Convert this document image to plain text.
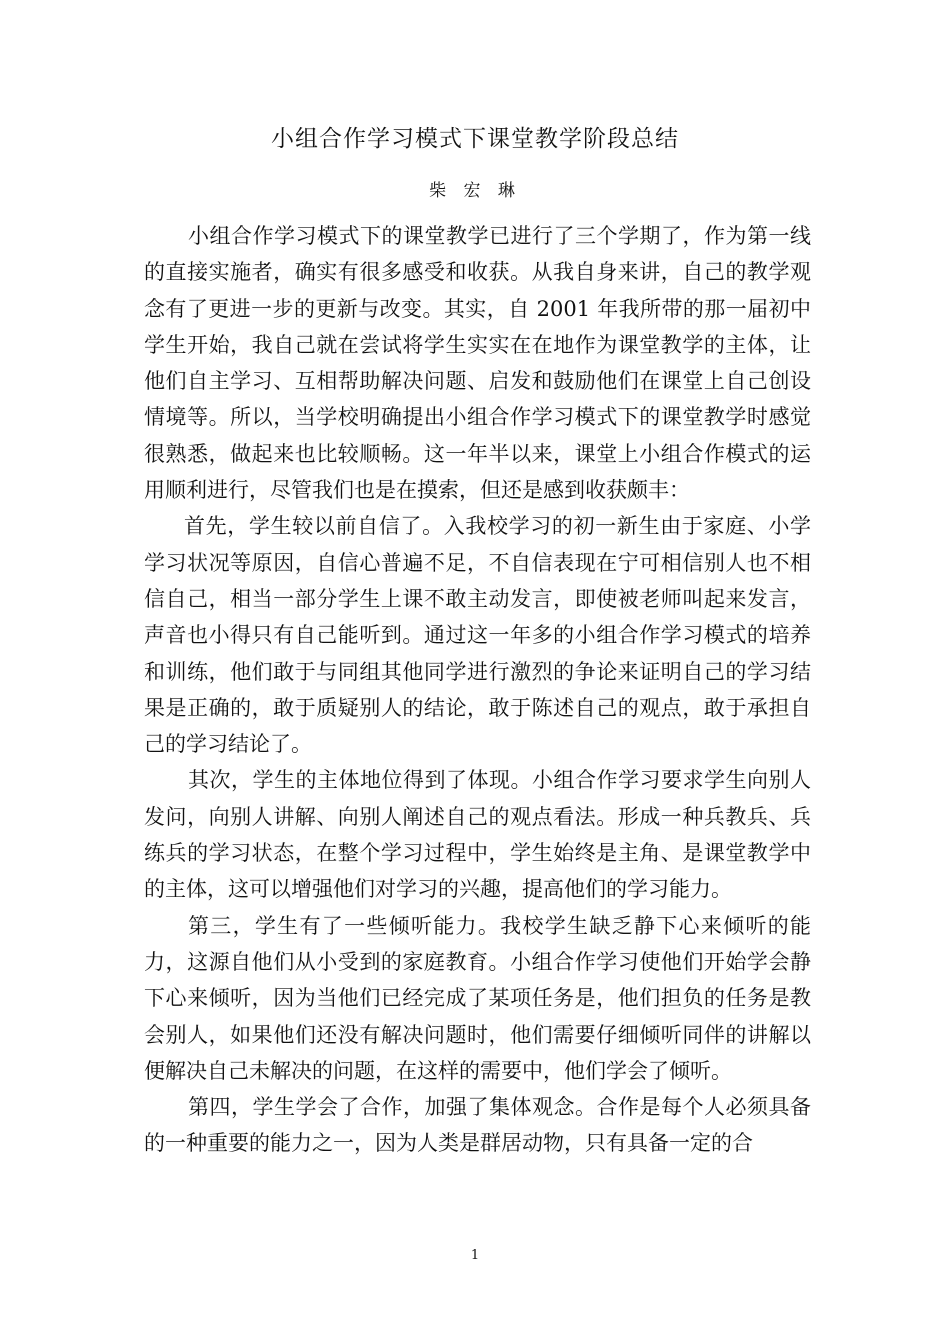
小组合作学习模式下课堂教学阶段总结
柴 宏 琳

小组合作学习模式下的课堂教学已进行了三个学期了，作为第一线的直接实施者，确实有很多感受和收获。从我自身来讲，自己的教学观念有了更进一步的更新与改变。其实，自 2001 年我所带的那一届初中学生开始，我自己就在尝试将学生实实在在地作为课堂教学的主体，让他们自主学习、互相帮助解决问题、启发和鼓励他们在课堂上自己创设情境等。所以，当学校明确提出小组合作学习模式下的课堂教学时感觉很熟悉，做起来也比较顺畅。这一年半以来，课堂上小组合作模式的运用顺利进行，尽管我们也是在摸索，但还是感到收获颇丰：

首先，学生较以前自信了。入我校学习的初一新生由于家庭、小学学习状况等原因，自信心普遍不足，不自信表现在宁可相信别人也不相信自己，相当一部分学生上课不敢主动发言，即使被老师叫起来发言，声音也小得只有自己能听到。通过这一年多的小组合作学习模式的培养和训练，他们敢于与同组其他同学进行激烈的争论来证明自己的学习结果是正确的，敢于质疑别人的结论，敢于陈述自己的观点，敢于承担自己的学习结论了。

其次，学生的主体地位得到了体现。小组合作学习要求学生向别人发问，向别人讲解、向别人阐述自己的观点看法。形成一种兵教兵、兵练兵的学习状态，在整个学习过程中，学生始终是主角、是课堂教学中的主体，这可以增强他们对学习的兴趣，提高他们的学习能力。

第三，学生有了一些倾听能力。我校学生缺乏静下心来倾听的能力，这源自他们从小受到的家庭教育。小组合作学习使他们开始学会静下心来倾听，因为当他们已经完成了某项任务是，他们担负的任务是教会别人，如果他们还没有解决问题时，他们需要仔细倾听同伴的讲解以便解决自己未解决的问题，在这样的需要中，他们学会了倾听。

第四，学生学会了合作，加强了集体观念。合作是每个人必须具备的一种重要的能力之一，因为人类是群居动物，只有具备一定的合

1
